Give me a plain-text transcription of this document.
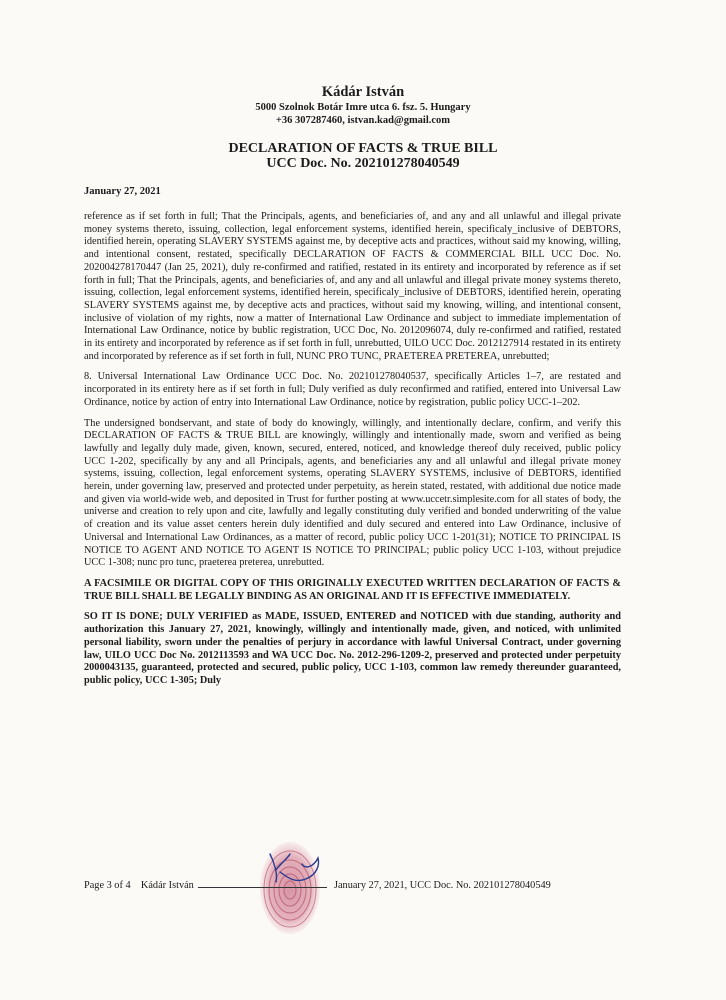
Kádár István
5000 Szolnok Botár Imre utca 6. fsz. 5. Hungary
+36 307287460, istvan.kad@gmail.com
DECLARATION OF FACTS & TRUE BILL
UCC Doc. No. 202101278040549
January 27, 2021

reference as if set forth in full; That the Principals, agents, and beneficiaries of, and any and all unlawful and illegal private money systems thereto, issuing, collection, legal enforcement systems, identified herein, specificaly_inclusive of DEBTORS, identified herein, operating SLAVERY SYSTEMS against me, by deceptive acts and practices, without said my knowing, willing, and intentional consent, restated, specifically DECLARATION OF FACTS & COMMERCIAL BILL UCC Doc. No. 202004278170447 (Jan 25, 2021), duly re-confirmed and ratified, restated in its entirety and incorporated by reference as if set forth in full; That the Principals, agents, and beneficiaries of, and any and all unlawful and illegal private money systems thereto, issuing, collection, legal enforcement systems, identified herein, specificaly_inclusive of DEBTORS, identified herein, operating SLAVERY SYSTEMS against me, by deceptive acts and practices, without said my knowing, willing, and intentional consent, inclusive of violation of my rights, now a matter of International Law Ordinance and subject to immediate implementation of International Law Ordinance, notice by bublic registration, UCC Doc, No. 2012096074, duly re-confirmed and ratified, restated in its entirety and incorporated by reference as if set forth in full, unrebutted, UILO UCC Doc. 2012127914 restated in its entirety and incorporated by reference as if set forth in full, NUNC PRO TUNC, PRAETEREA PRETEREA, unrebutted;

8. Universal International Law Ordinance UCC Doc. No. 202101278040537, specifically Articles 1–7, are restated and incorporated in its entirety here as if set forth in full; Duly verified as duly reconfirmed and ratified, entered into Universal Law Ordinance, notice by action of entry into International Law Ordinance, notice by registration, public policy UCC-1–202.

The undersigned bondservant, and state of body do knowingly, willingly, and intentionally declare, confirm, and verify this DECLARATION OF FACTS & TRUE BILL are knowingly, willingly and intentionally made, sworn and verified as being lawfully and legally duly made, given, known, secured, entered, noticed, and knowledge thereof duly received, public policy UCC 1-202, specifically by any and all Principals, agents, and beneficiaries any and all unlawful and illegal private money systems, issuing, collection, legal enforcement systems, operating SLAVERY SYSTEMS, inclusive of DEBTORS, identified herein, under governing law, preserved and protected under perpetuity, as herein stated, restated, with additional due notice made and given via world-wide web, and deposited in Trust for further posting at www.uccetr.simplesite.com for all states of body, the universe and creation to rely upon and cite, lawfully and legally constituting duly verified and bonded underwriting of the value of creation and its value asset centers herein duly identified and duly secured and entered into Law Ordinance, inclusive of Universal and International Law Ordinances, as a matter of record, public policy UCC 1-201(31); NOTICE TO PRINCIPAL IS NOTICE TO AGENT AND NOTICE TO AGENT IS NOTICE TO PRINCIPAL; public policy UCC 1-103, without prejudice UCC 1-308; nunc pro tunc, praeterea preterea, unrebutted.

A FACSIMILE OR DIGITAL COPY OF THIS ORIGINALLY EXECUTED WRITTEN DECLARATION OF FACTS & TRUE BILL SHALL BE LEGALLY BINDING AS AN ORIGINAL AND IT IS EFFECTIVE IMMEDIATELY.

SO IT IS DONE; DULY VERIFIED as MADE, ISSUED, ENTERED and NOTICED with due standing, authority and authorization this January 27, 2021, knowingly, willingly and intentionally made, given, and noticed, with unlimited personal liability, sworn under the penalties of perjury in accordance with lawful Universal Contract, under governing law, UILO UCC Doc No. 2012113593 and WA UCC Doc. No. 2012-296-1209-2, preserved and protected under perpetuity 2000043135, guaranteed, protected and secured, public policy, UCC 1-103, common law remedy thereunder guaranteed, public policy, UCC 1-305; Duly

Page 3 of 4 Kádár István	January 27, 2021, UCC Doc. No. 202101278040549
